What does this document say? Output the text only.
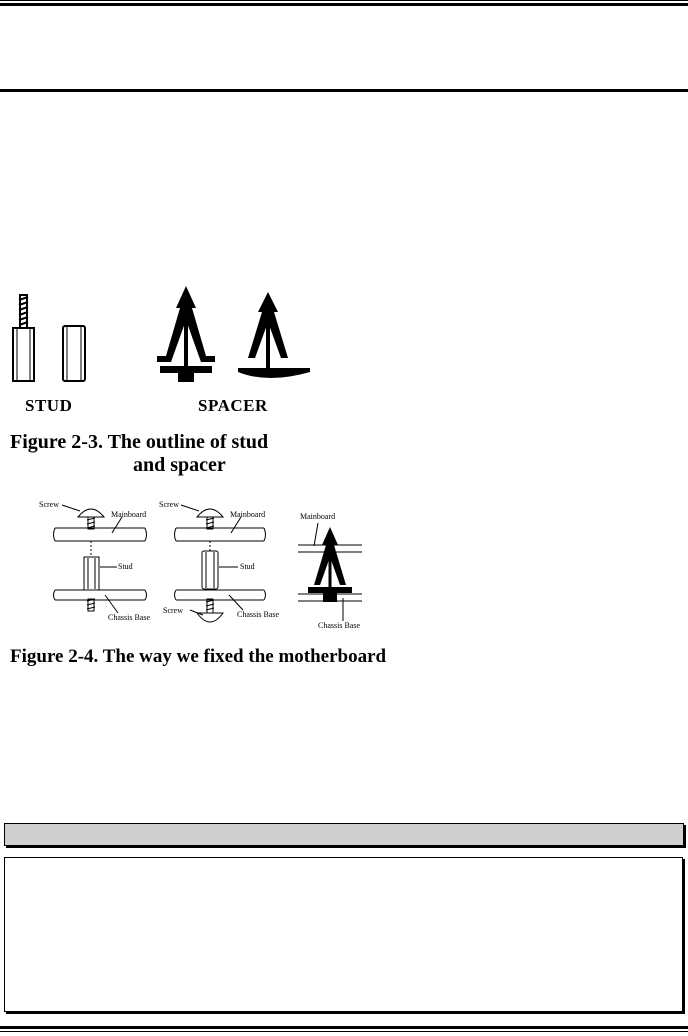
STUD	SPACER
Figure 2-3. The outline of stud
and spacer
Screw
Mainboard
Stud
Chassis Base
Screw
Mainboard
Stud
Screw	Chassis Base
Mainboard
Chassis Base
Figure 2-4. The way we fixed the motherboard
